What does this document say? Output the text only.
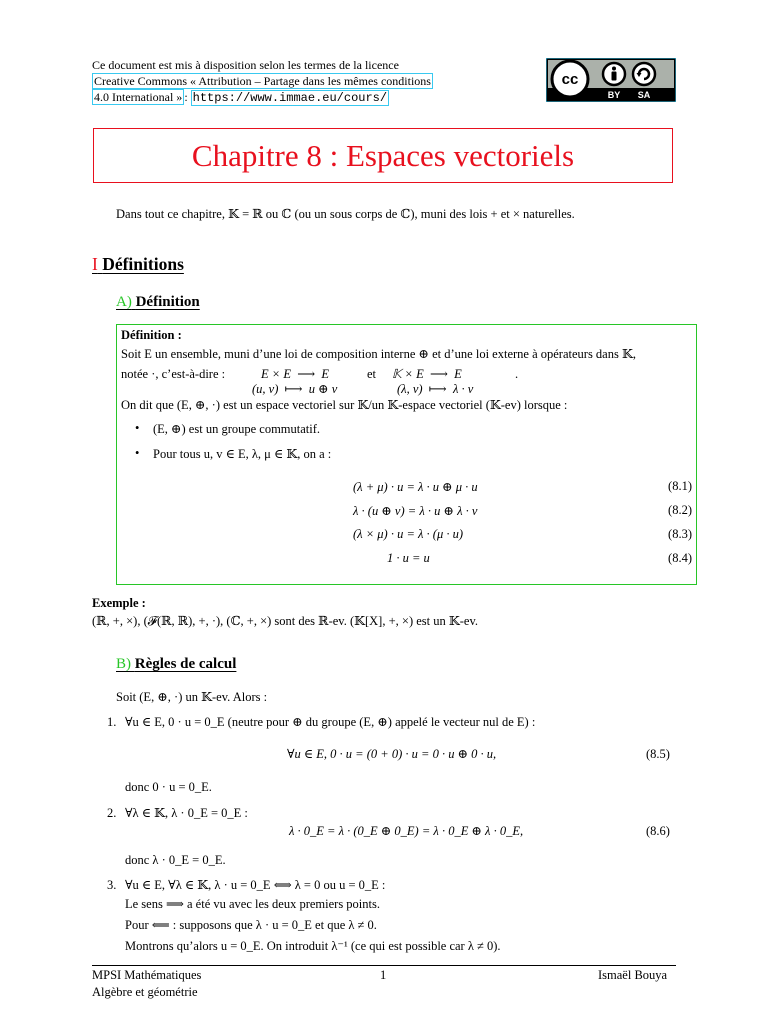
Ce document est mis à disposition selon les termes de la licence
Creative Commons « Attribution – Partage dans les mêmes conditions
4.0 International » : https://www.immae.eu/cours/
cc
BY SA
Chapitre 8 : Espaces vectoriels
Dans tout ce chapitre, 𝕂 = ℝ ou ℂ (ou un sous corps de ℂ), muni des lois + et × naturelles.
I Définitions
A) Définition
Définition :
Soit E un ensemble, muni d’une loi de composition interne ⊕ et d’une loi externe à opérateurs dans 𝕂,
notée ·, c’est-à-dire :	E × E  ⟶  E
(u, v)  ⟼  u ⊕ v
et 𝕂 × E  ⟶  E
(λ, v)  ⟼  λ · v
.
On dit que (E, ⊕, ·) est un espace vectoriel sur 𝕂/un 𝕂-espace vectoriel (𝕂-ev) lorsque :
• (E, ⊕) est un groupe commutatif.
• Pour tous u, v ∈ E, λ, μ ∈ 𝕂, on a :
(λ + μ) · u = λ · u ⊕ μ · u	(8.1)
λ · (u ⊕ v) = λ · u ⊕ λ · v	(8.2)
(λ × μ) · u = λ · (μ · u)	(8.3)
1 · u = u	(8.4)
Exemple :
(ℝ, +, ×), (𝓕(ℝ, ℝ), +, ·), (ℂ, +, ×) sont des ℝ-ev. (𝕂[X], +, ×) est un 𝕂-ev.
B) Règles de calcul
Soit (E, ⊕, ·) un 𝕂-ev. Alors :
1. ∀u ∈ E, 0 · u = 0_E (neutre pour ⊕ du groupe (E, ⊕) appelé le vecteur nul de E) :
∀u ∈ E, 0 · u = (0 + 0) · u = 0 · u ⊕ 0 · u,	(8.5)
donc 0 · u = 0_E.
2. ∀λ ∈ 𝕂, λ · 0_E = 0_E :
λ · 0_E = λ · (0_E ⊕ 0_E) = λ · 0_E ⊕ λ · 0_E,	(8.6)
donc λ · 0_E = 0_E.
3. ∀u ∈ E, ∀λ ∈ 𝕂, λ · u = 0_E ⟺ λ = 0 ou u = 0_E :
Le sens ⟹ a été vu avec les deux premiers points.
Pour ⟸ : supposons que λ · u = 0_E et que λ ≠ 0.
Montrons qu’alors u = 0_E. On introduit λ⁻¹ (ce qui est possible car λ ≠ 0).
MPSI Mathématiques
Algèbre et géométrie
1	Ismaël Bouya
